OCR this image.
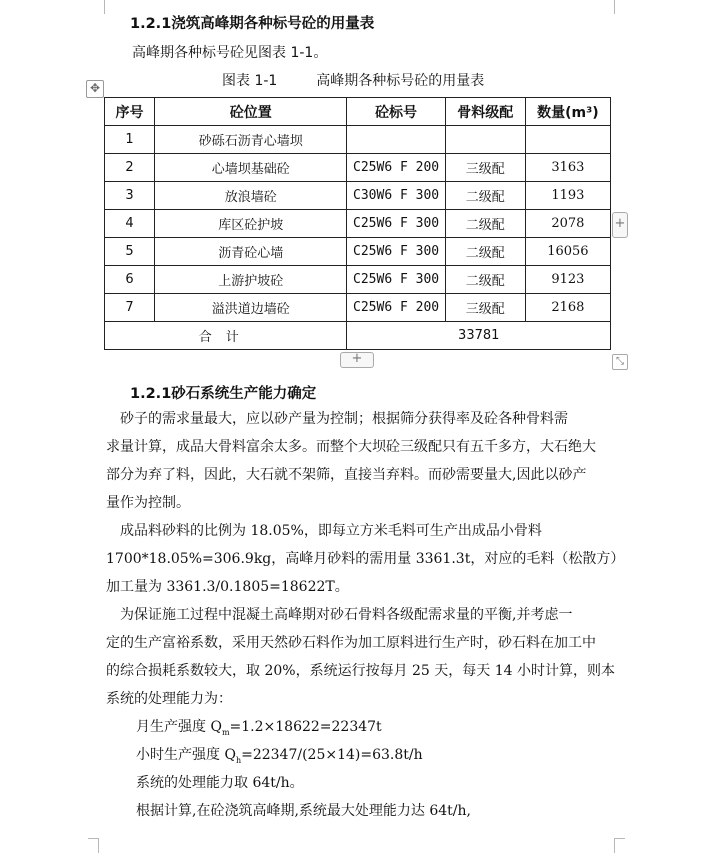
1.2.1浇筑高峰期各种标号砼的用量表
高峰期各种标号砼见图表 1-1。
✥	图表 1-1	高峰期各种标号砼的用量表
序号	砼位置	砼标号	骨料级配	数量(m³)
1	砂砾石沥青心墙坝			
2	心墙坝基础砼	C25W6 F 200	三级配	3163
3	放浪墙砼	C30W6 F 300	二级配	1193
4	库区砼护坡	C25W6 F 300	二级配	2078
5	沥青砼心墙	C25W6 F 300	二级配	16056
6	上游护坡砼	C25W6 F 300	二级配	9123
7	溢洪道边墙砼	C25W6 F 200	三级配	2168
合计		33781		
+
+	⤡
1.2.1砂石系统生产能力确定
　砂子的需求量最大，应以砂产量为控制；根据筛分获得率及砼各种骨料需
求量计算，成品大骨料富余太多。而整个大坝砼三级配只有五千多方，大石绝大
部分为弃了料，因此，大石就不架筛，直接当弃料。而砂需要量大,因此以砂产
量作为控制。
　成品料砂料的比例为 18.05%，即每立方米毛料可生产出成品小骨料
1700*18.05%=306.9kg，高峰月砂料的需用量 3361.3t，对应的毛料（松散方）
加工量为 3361.3/0.1805=18622T。
　为保证施工过程中混凝土高峰期对砂石骨料各级配需求量的平衡,并考虑一
定的生产富裕系数，采用天然砂石料作为加工原料进行生产时，砂石料在加工中
的综合损耗系数较大，取 20%，系统运行按每月 25 天，每天 14 小时计算，则本
系统的处理能力为：
月生产强度 $Q_m=1.2\times 18622=22347t$
小时生产强度 $Q_h=22347/(25\times 14)=63.8t/h$
系统的处理能力取 64t/h。
根据计算,在砼浇筑高峰期,系统最大处理能力达 64t/h,
